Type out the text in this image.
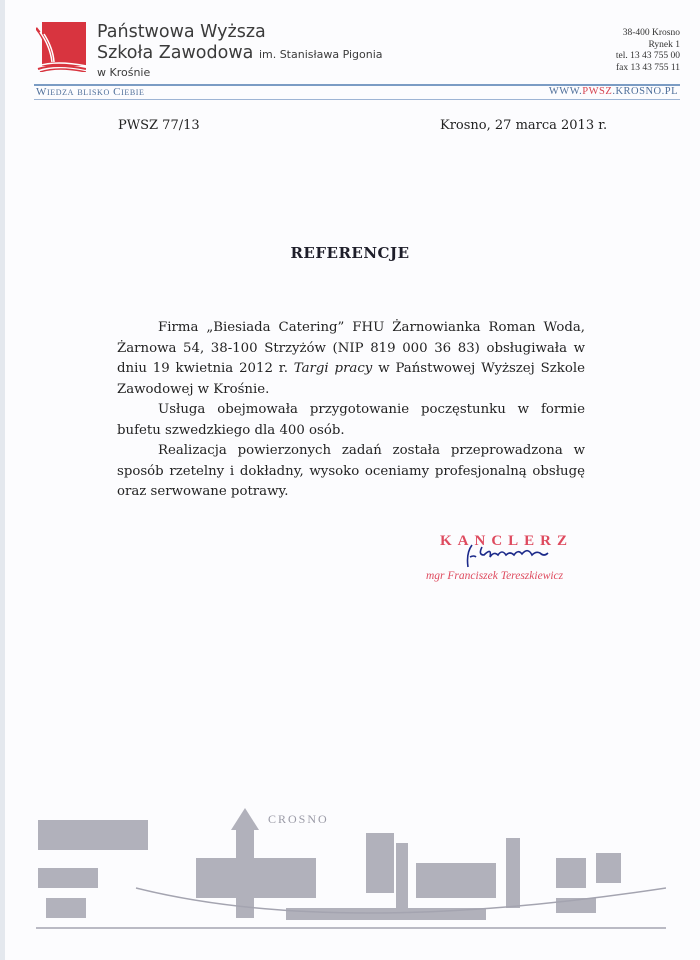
Państwowa Wyższa
Szkoła Zawodowa im. Stanisława Pigonia
w Krośnie
38-400 Krosno
Rynek 1
tel. 13 43 755 00
fax 13 43 755 11
Wiedza blisko Ciebie	WWW.PWSZ.KROSNO.PL
PWSZ 77/13	Krosno, 27 marca 2013 r.
REFERENCJE

Firma „Biesiada Catering” FHU Żarnowianka Roman Woda, Żarnowa 54, 38-100 Strzyżów (NIP 819 000 36 83) obsługiwała w dniu 19 kwietnia 2012 r. Targi pracy w Państwowej Wyższej Szkole Zawodowej w Krośnie.

Usługa obejmowała przygotowanie poczęstunku w formie bufetu szwedzkiego dla 400 osób.

Realizacja powierzonych zadań została przeprowadzona w sposób rzetelny i dokładny, wysoko oceniamy profesjonalną obsługę oraz serwowane potrawy.

KANCLERZ
mgr Franciszek Tereszkiewicz
CROSNO
